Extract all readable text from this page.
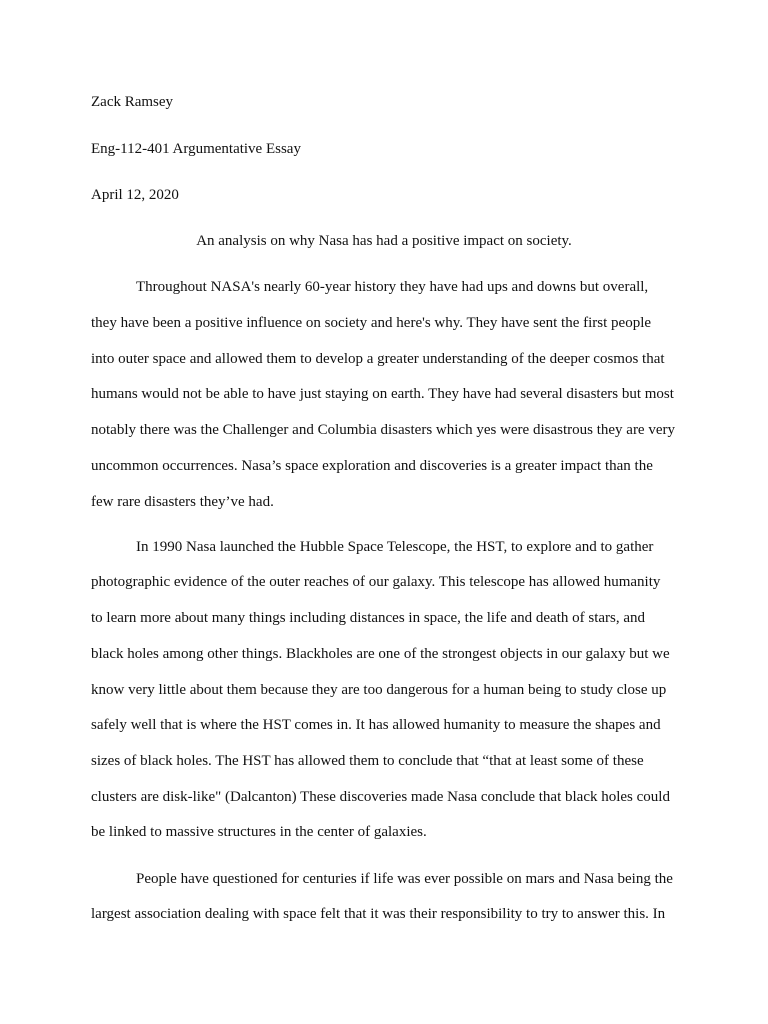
Zack Ramsey
Eng-112-401 Argumentative Essay
April 12, 2020
An analysis on why Nasa has had a positive impact on society.
Throughout NASA's nearly 60-year history they have had ups and downs but overall,
they have been a positive influence on society and here's why. They have sent the first people
into outer space and allowed them to develop a greater understanding of the deeper cosmos that
humans would not be able to have just staying on earth. They have had several disasters but most
notably there was the Challenger and Columbia disasters which yes were disastrous they are very
uncommon occurrences. Nasa’s space exploration and discoveries is a greater impact than the
few rare disasters they’ve had.
In 1990 Nasa launched the Hubble Space Telescope, the HST, to explore and to gather
photographic evidence of the outer reaches of our galaxy. This telescope has allowed humanity
to learn more about many things including distances in space, the life and death of stars, and
black holes among other things. Blackholes are one of the strongest objects in our galaxy but we
know very little about them because they are too dangerous for a human being to study close up
safely well that is where the HST comes in. It has allowed humanity to measure the shapes and
sizes of black holes. The HST has allowed them to conclude that “that at least some of these
clusters are disk-like" (Dalcanton) These discoveries made Nasa conclude that black holes could
be linked to massive structures in the center of galaxies.
People have questioned for centuries if life was ever possible on mars and Nasa being the
largest association dealing with space felt that it was their responsibility to try to answer this. In
